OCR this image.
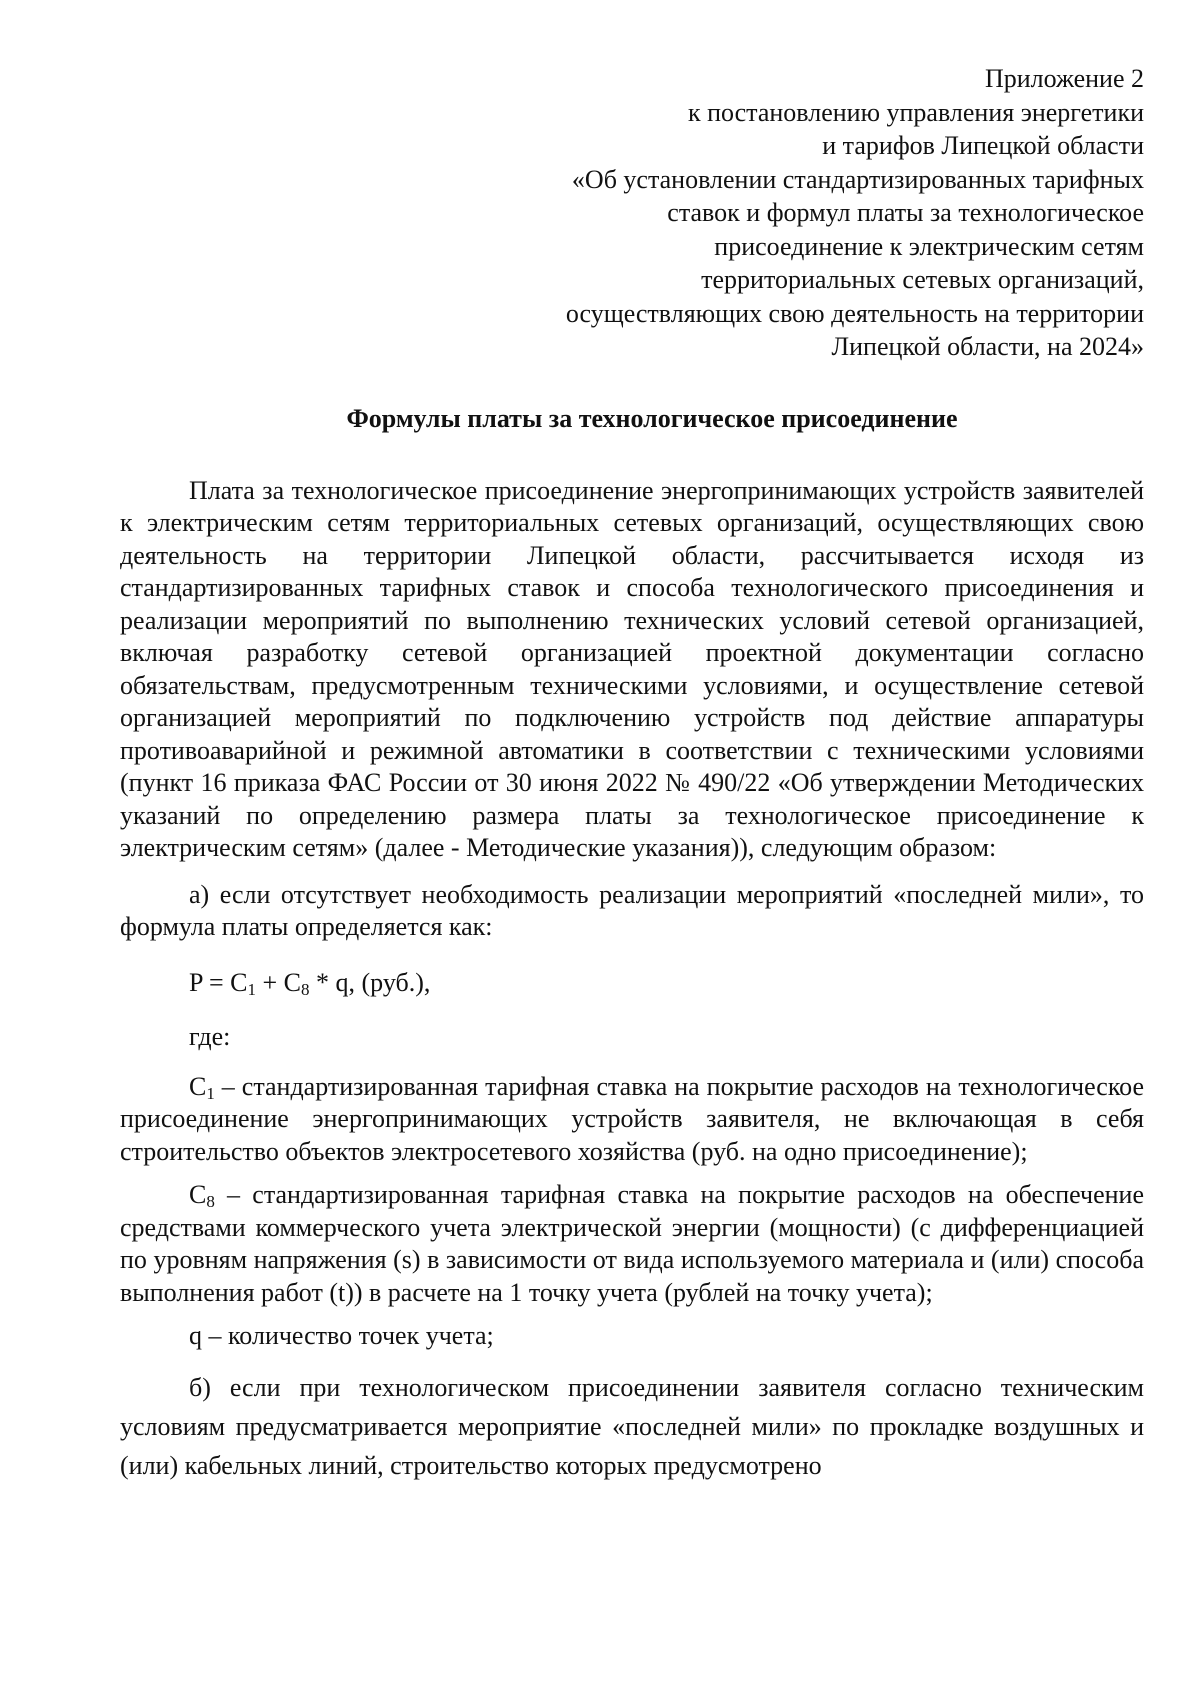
Приложение 2
к постановлению управления энергетики
и тарифов Липецкой области
«Об установлении стандартизированных тарифных
ставок и формул платы за технологическое
присоединение к электрическим сетям
территориальных сетевых организаций,
осуществляющих свою деятельность на территории
Липецкой области, на 2024»
Формулы платы за технологическое присоединение

Плата за технологическое присоединение энергопринимающих устройств заявителей к электрическим сетям территориальных сетевых организаций, осуществляющих свою деятельность на территории Липецкой области, рассчитывается исходя из стандартизированных тарифных ставок и способа технологического присоединения и реализации мероприятий по выполнению технических условий сетевой организацией, включая разработку сетевой организацией проектной документации согласно обязательствам, предусмотренным техническими условиями, и осуществление сетевой организацией мероприятий по подключению устройств под действие аппаратуры противоаварийной и режимной автоматики в соответствии с техническими условиями (пункт 16 приказа ФАС России от 30 июня 2022 № 490/22 «Об утверждении Методических указаний по определению размера платы за технологическое присоединение к электрическим сетям» (далее - Методические указания)), следующим образом:

а) если отсутствует необходимость реализации мероприятий «последней мили», то формула платы определяется как:

$P = C_1 + C_8 * q$, (руб.),
где:

$C_1$ – стандартизированная тарифная ставка на покрытие расходов на технологическое присоединение энергопринимающих устройств заявителя, не включающая в себя строительство объектов электросетевого хозяйства (руб. на одно присоединение);

$C_8$ – стандартизированная тарифная ставка на покрытие расходов на обеспечение средствами коммерческого учета электрической энергии (мощности) (с дифференциацией по уровням напряжения (s) в зависимости от вида используемого материала и (или) способа выполнения работ (t)) в расчете на 1 точку учета (рублей на точку учета);

q – количество точек учета;

б) если при технологическом присоединении заявителя согласно техническим условиям предусматривается мероприятие «последней мили» по прокладке воздушных и (или) кабельных линий, строительство которых предусмотрено
